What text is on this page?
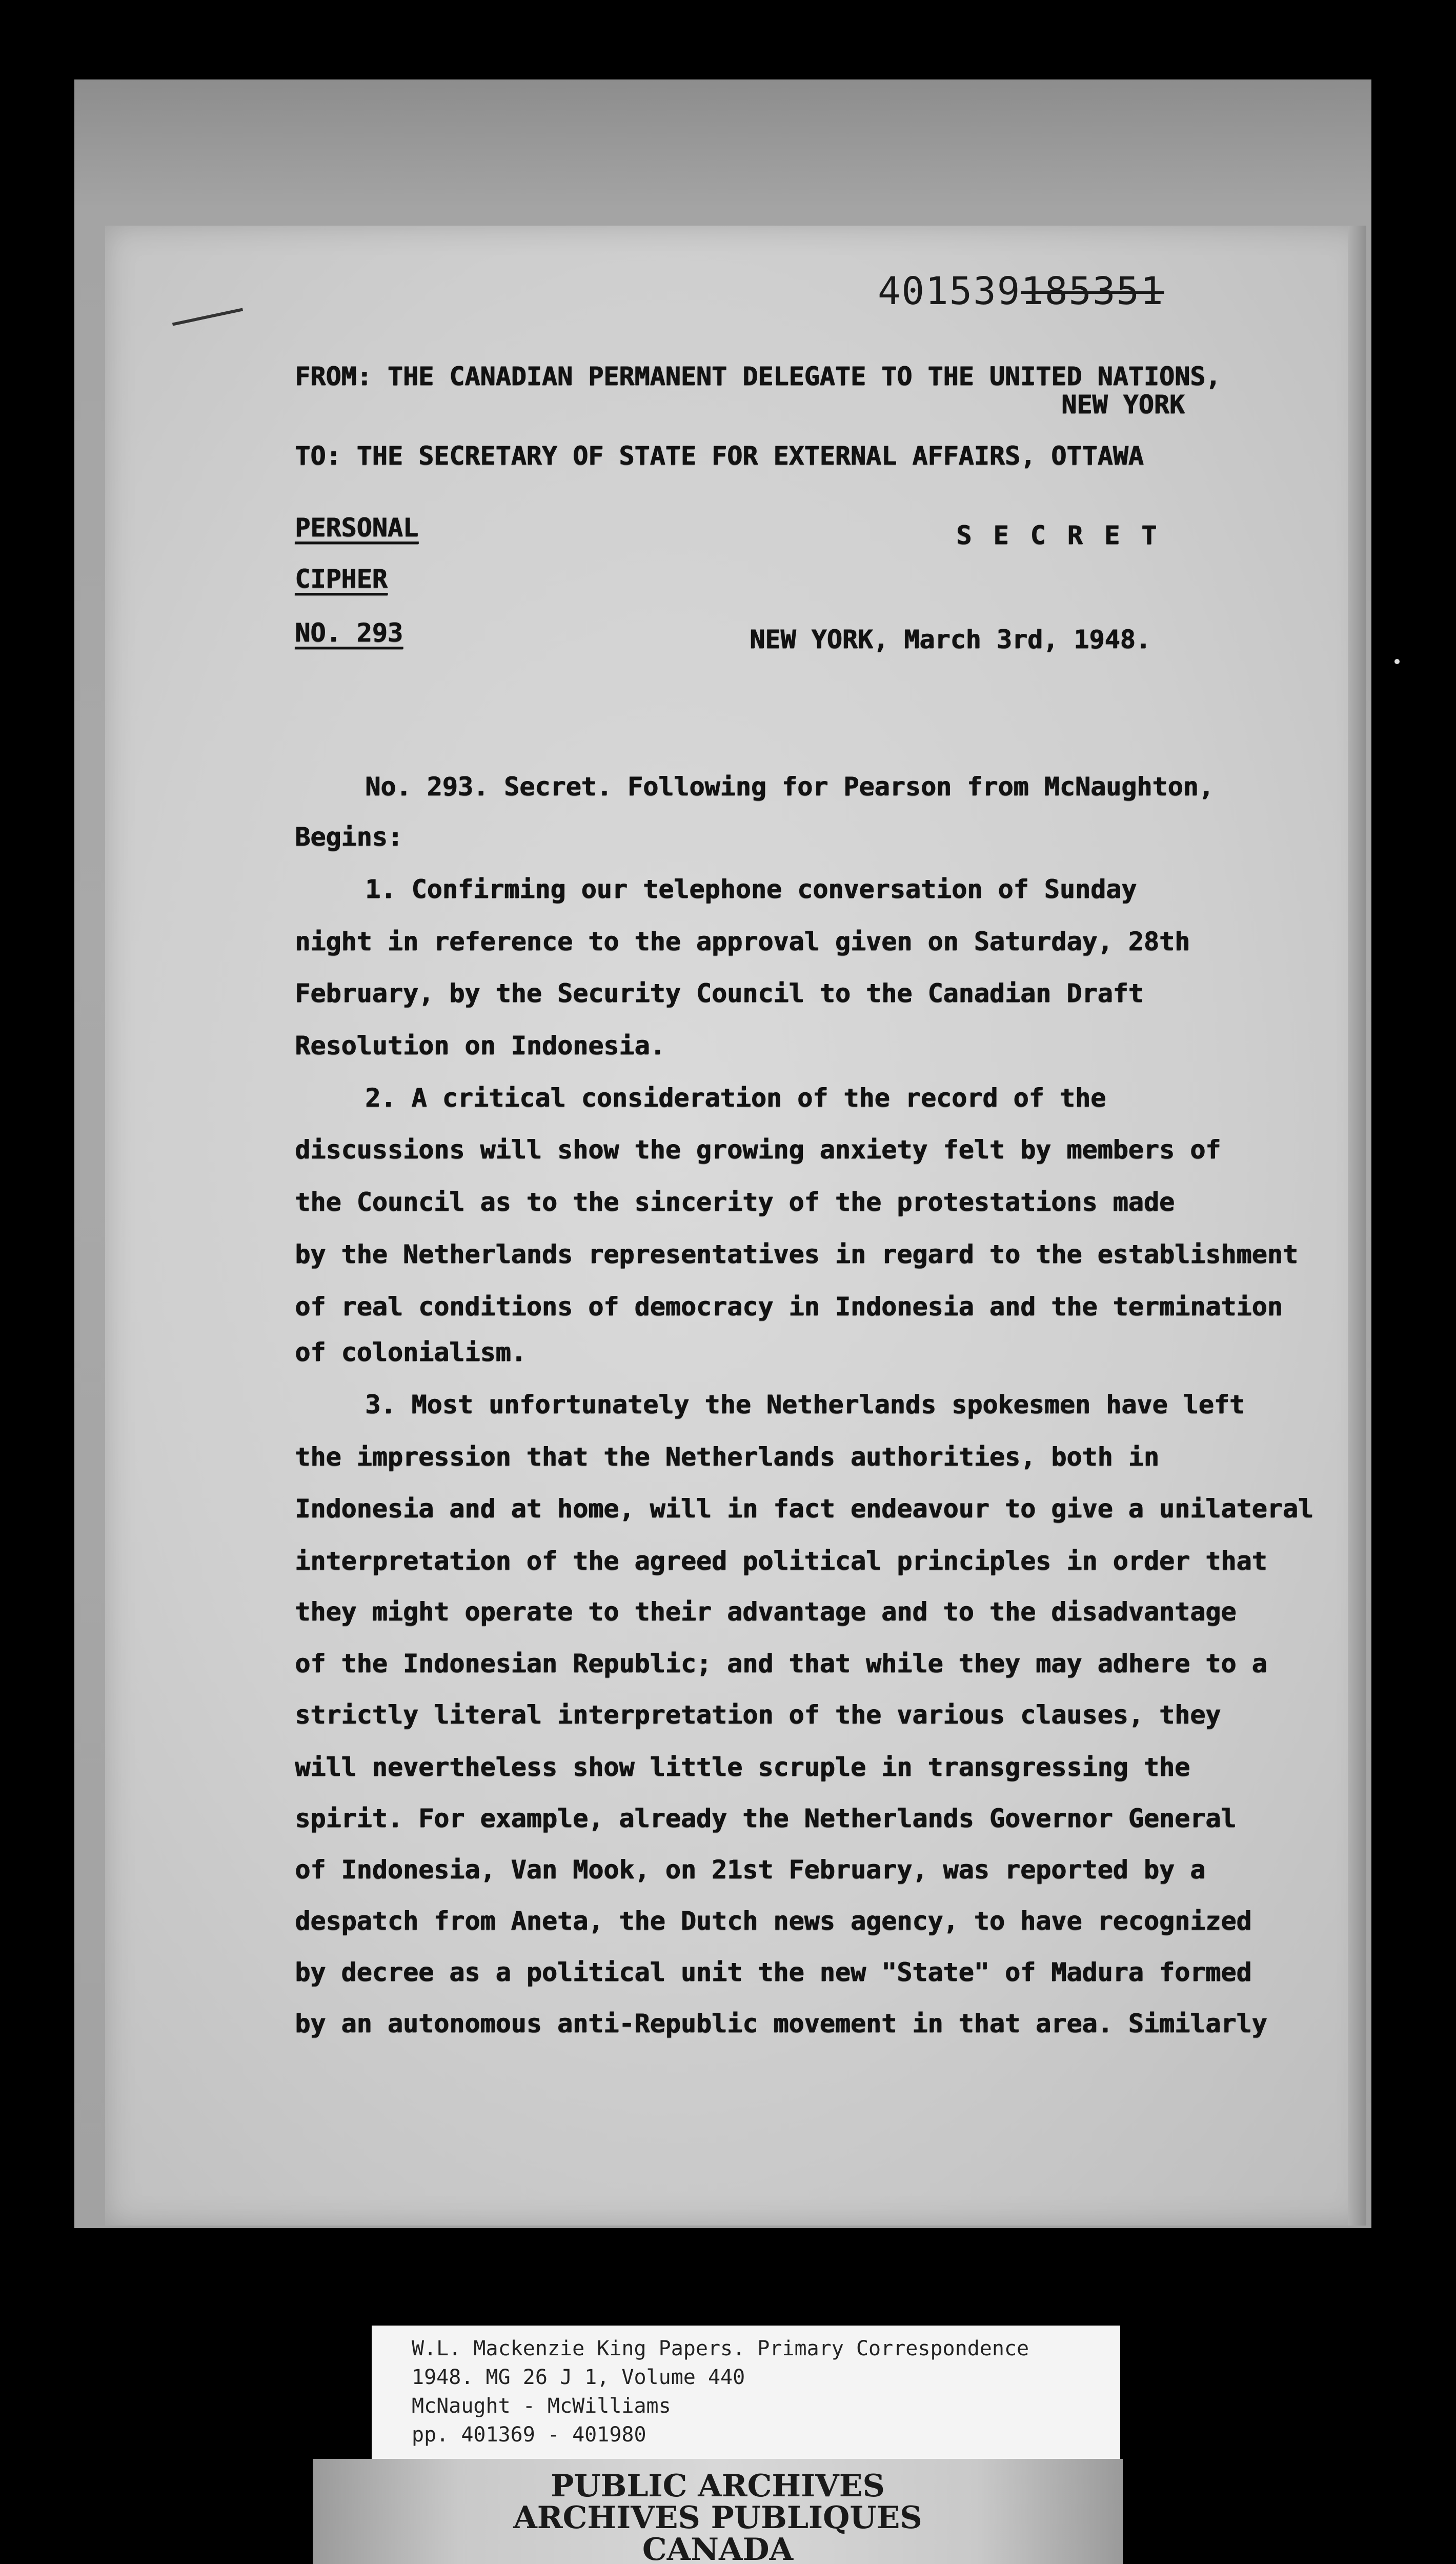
401539185351
FROM: THE CANADIAN PERMANENT DELEGATE TO THE UNITED NATIONS,
NEW YORK
TO: THE SECRETARY OF STATE FOR EXTERNAL AFFAIRS, OTTAWA
PERSONAL	S E C R E T
CIPHER
NO. 293	NEW YORK, March 3rd, 1948.
No. 293. Secret. Following for Pearson from McNaughton,
Begins:
1. Confirming our telephone conversation of Sunday
night in reference to the approval given on Saturday, 28th
February, by the Security Council to the Canadian Draft
Resolution on Indonesia.
2. A critical consideration of the record of the
discussions will show the growing anxiety felt by members of
the Council as to the sincerity of the protestations made
by the Netherlands representatives in regard to the establishment
of real conditions of democracy in Indonesia and the termination
of colonialism.
3. Most unfortunately the Netherlands spokesmen have left
the impression that the Netherlands authorities, both in
Indonesia and at home, will in fact endeavour to give a unilateral
interpretation of the agreed political principles in order that
they might operate to their advantage and to the disadvantage
of the Indonesian Republic; and that while they may adhere to a
strictly literal interpretation of the various clauses, they
will nevertheless show little scruple in transgressing the
spirit. For example, already the Netherlands Governor General
of Indonesia, Van Mook, on 21st February, was reported by a
despatch from Aneta, the Dutch news agency, to have recognized
by decree as a political unit the new "State" of Madura formed
by an autonomous anti-Republic movement in that area. Similarly
W.L. Mackenzie King Papers. Primary Correspondence
1948. MG 26 J 1, Volume 440
McNaught - McWilliams
pp. 401369 - 401980
PUBLIC ARCHIVES
ARCHIVES PUBLIQUES
CANADA
